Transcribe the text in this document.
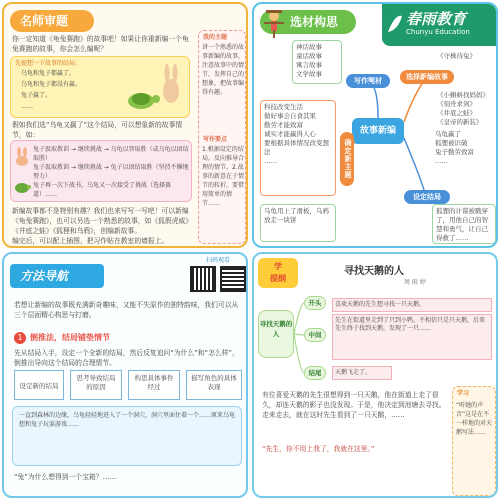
名师审题
你一定知道《龟兔赛跑》的故事吧！如果让你重新编一个龟兔赛跑的故事，你会怎么编呢？
先提想一下故事的结局：
乌龟和兔子都赢了。
乌龟和兔子都没有赢。
兔子赢了。
……
假如我们选“乌龟又赢了”这个结局，可以想象新的故事情节，如：
兔子汲取教训 → 继续挑战 → 乌龟以智取胜（或乌龟以团结取胜）
兔子汲取教训 → 继续挑战 → 兔子以团结取胜（坚持不懈地努力）
兔子再一次下战书，乌龟又一次接受了挑战（选择赛道）……
新编故事都不是特别有趣？我们也来写写一写吧！可以新编《龟兔赛跑》，也可以另选一个熟悉的故事，如《狐假虎威》《井底之蛙》《狐狸和乌鸦》，创编新故事。
编完后，可以配上插图，把习作贴在教室的墙报上。
我的主题
讲一个熟悉的故事新编的故事，注意故事中的情节，发挥自己的想象，把故事编得有趣。
写作要点
1.根据设定的结局，反向推导合理的情节。2.故事的新意在于情节的转折，要借用简单的情节……
选材构思	春雨教育
Chunyu Education
神话故事
童话故事
寓言故事
文学故事
写作题材	选择新编故事
《守株待兔》
《小蝌蚪找妈妈》
《刻舟求剑》
《井底之蛙》
《皇帝的新装》
故事新编
科技改变生活
做好事会自食其果
勤劳才能致富
诚实才能赢得人心
要根据具体情况改变想法
……	确定新主题
乌龟用上了滑板，乌鸦放走一块饼
设定结局
乌龟赢了
狐狸被识破
兔子勤劳致富
……
狐狸的计谋被戳穿了，用他自己的智慧和勇气，让自己得救了……
方法导航
扫码观看
若想让新编的故事既充满新奇趣味，又能不失原作的独特韵味，我们可以从三个层面精心构思与打磨。
1 倒推法，结局铺垫情节
先从结局入手，设定一个全新的结局，然后反复追问“为什么”和“怎么样”，倒推出导向这个结局的合理情节。
设定新的结局
思考导致结局的原因
构思具体事件经过
描写角色的具体表现
一直到森林的边缘，乌龟轻轻地进入了一个洞穴，洞穴里面住着一个……原来乌龟想和兔子玩耍游戏……
“兔”为什么想得到一个宝箱？……
学
提纲
寻找天鹅的人
周 雨 婷
寻找天鹅的人
开头
中间
结尾
喜欢天鹅的先生想寻找一只天鹅。
先生在街道里走到了只到小鸭，不相信只是只天鹅，后来先生终于找到天鹅，发现了一只……
天鹅飞走了。
有位喜爱天鹅的先生很想得到一只天鹅，他在街道上走了很久，却连天鹅的影子也没发现。于是，他决定到池塘去寻找。走来走去，就在这时先生看到了一只天鹅，……
“先生，你不用上我了，我就在这里。”
学习
“听她的声音”这是在不一样地的对天鹅写法……
